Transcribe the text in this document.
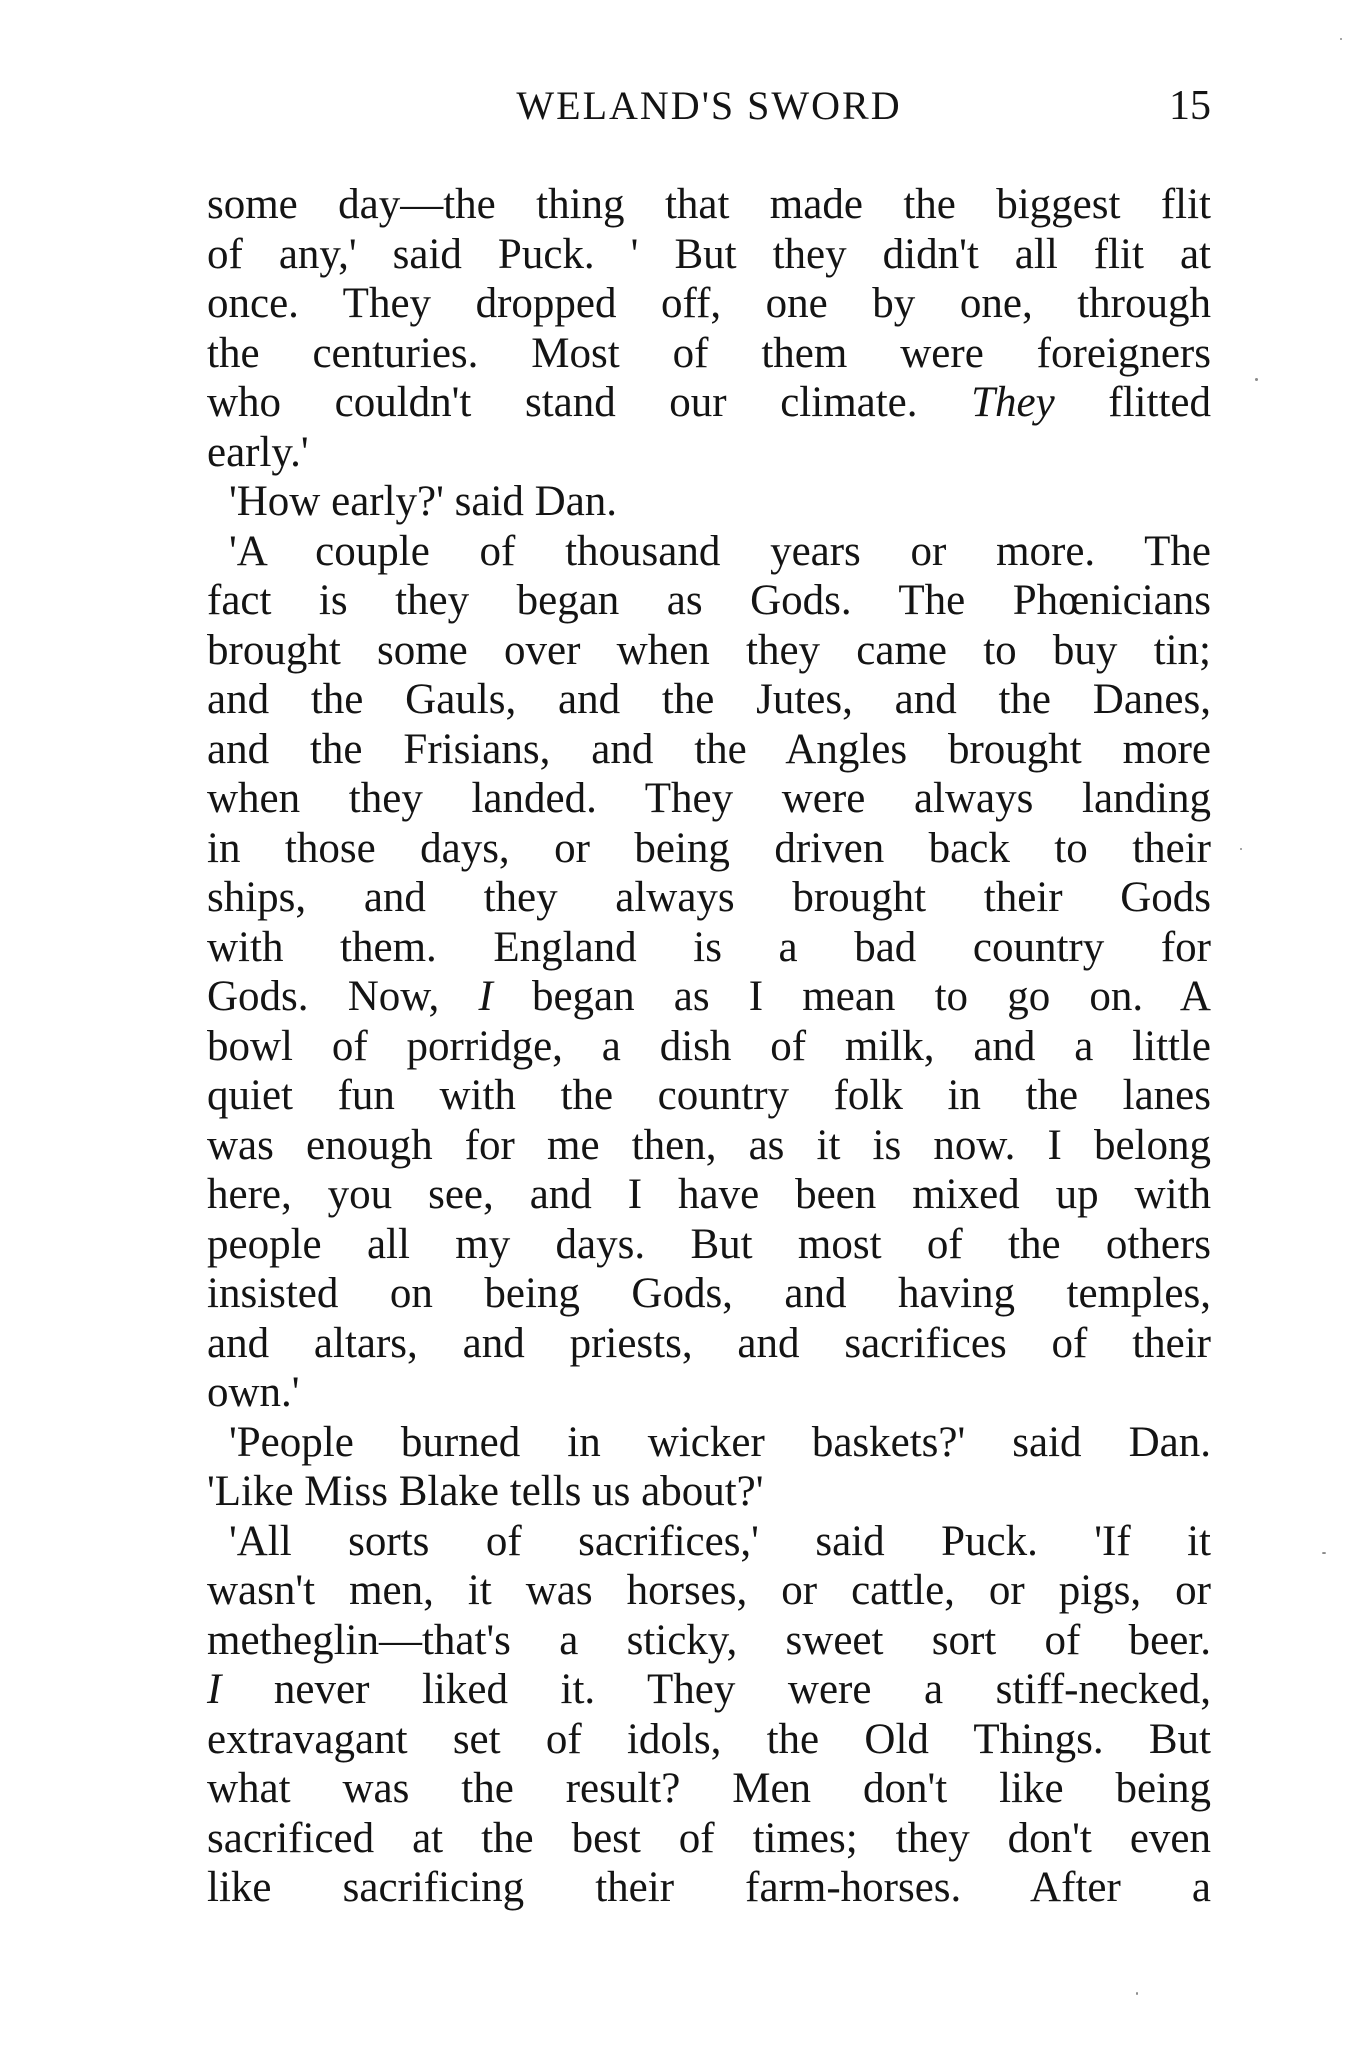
WELAND'S SWORD	15
some day—the thing that made the biggest flit
of any,' said Puck. ' But they didn't all flit at
once. They dropped off, one by one, through
the centuries. Most of them were foreigners
who couldn't stand our climate. They flitted
early.'
'How early?' said Dan.
'A couple of thousand years or more. The
fact is they began as Gods. The Phœnicians
brought some over when they came to buy tin;
and the Gauls, and the Jutes, and the Danes,
and the Frisians, and the Angles brought more
when they landed. They were always landing
in those days, or being driven back to their
ships, and they always brought their Gods
with them. England is a bad country for
Gods. Now, I began as I mean to go on. A
bowl of porridge, a dish of milk, and a little
quiet fun with the country folk in the lanes
was enough for me then, as it is now. I belong
here, you see, and I have been mixed up with
people all my days. But most of the others
insisted on being Gods, and having temples,
and altars, and priests, and sacrifices of their
own.'
'People burned in wicker baskets?' said Dan.
'Like Miss Blake tells us about?'
'All sorts of sacrifices,' said Puck. 'If it
wasn't men, it was horses, or cattle, or pigs, or
metheglin—that's a sticky, sweet sort of beer.
I never liked it. They were a stiff-necked,
extravagant set of idols, the Old Things. But
what was the result? Men don't like being
sacrificed at the best of times; they don't even
like sacrificing their farm-horses. After a
